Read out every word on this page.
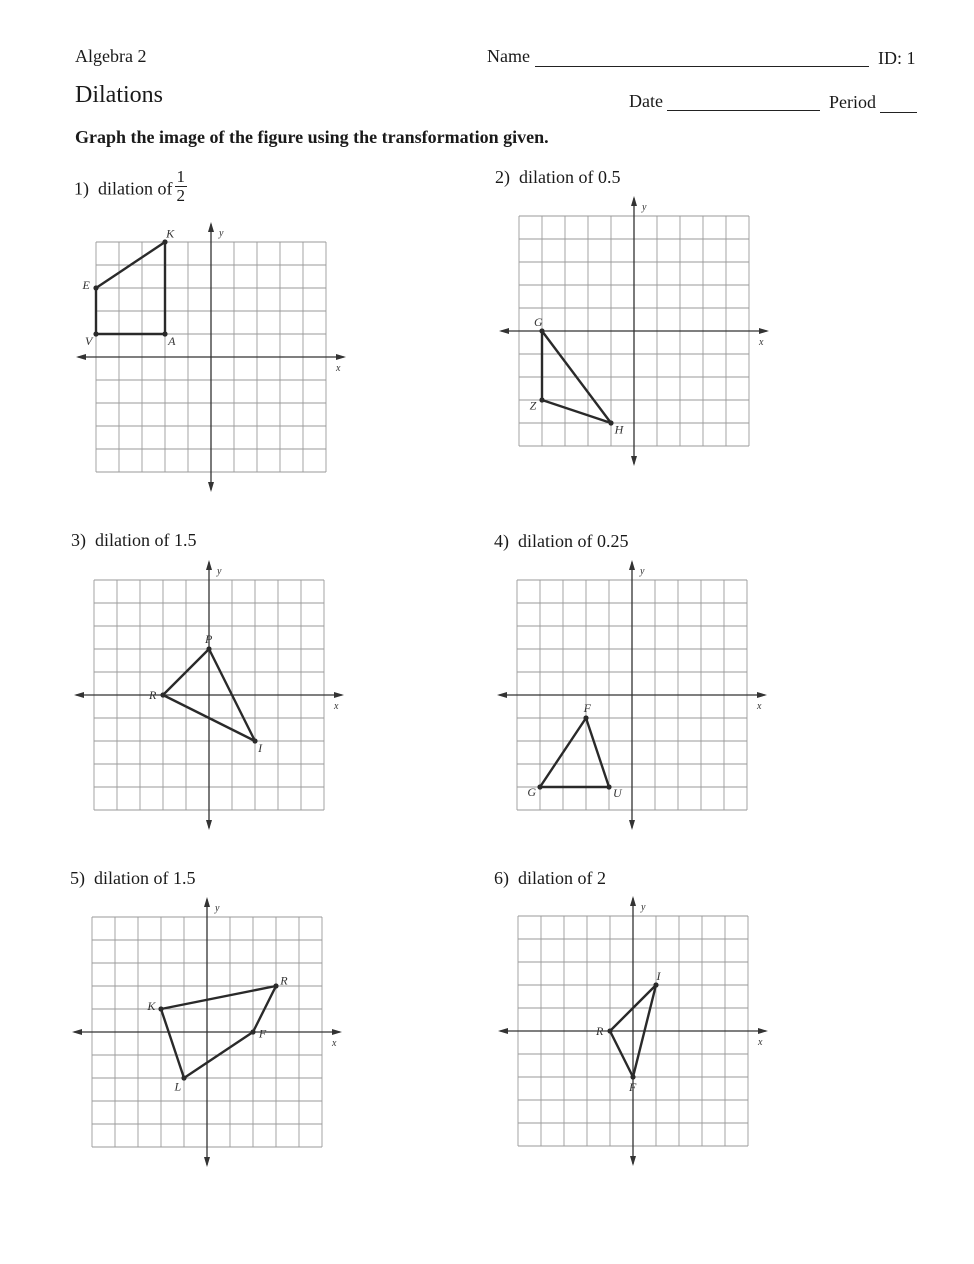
Algebra 2	Name	ID: 1
Dilations	Date	Period
Graph the image of the figure using the transformation given.
1) dilation of $\frac{1}{2}$
x
y
K
A
V
E
2) dilation of 0.5
x
y
G
H
Z
3) dilation of 1.5
x
y
P
I
R
4) dilation of 0.25
x
y
F
U
G
5) dilation of 1.5
x
y
K
R
F
L
6) dilation of 2
x
y
I
F
R
